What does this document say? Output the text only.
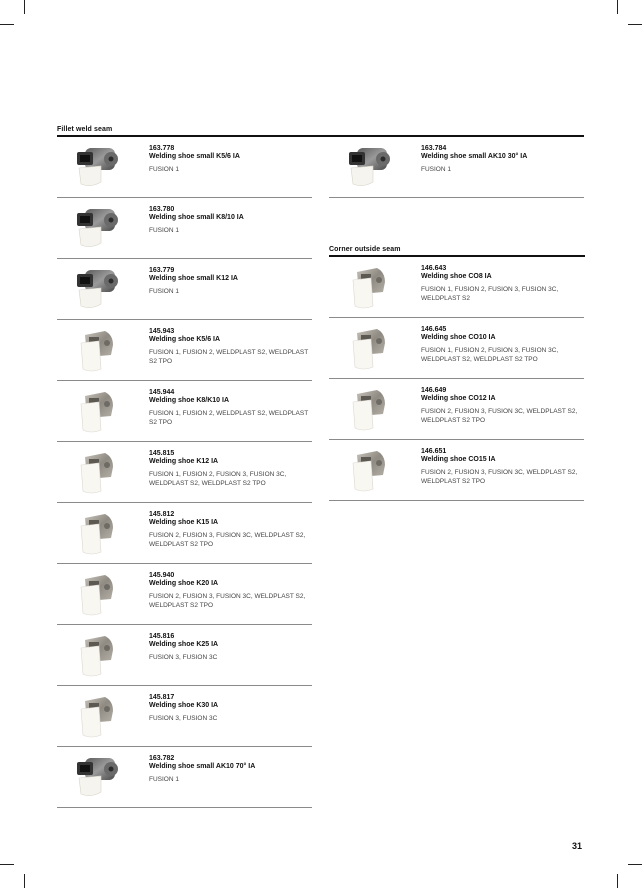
Fillet weld seam
Corner outside seam
163.778
Welding shoe small K5/6 IA
FUSION 1
163.780
Welding shoe small K8/10 IA
FUSION 1
163.779
Welding shoe small K12 IA
FUSION 1
145.943
Welding shoe K5/6 IA
FUSION 1, FUSION 2, WELDPLAST S2, WELDPLAST S2 TPO
145.944
Welding shoe K8/K10 IA
FUSION 1, FUSION 2, WELDPLAST S2, WELDPLAST S2 TPO
145.815
Welding shoe K12 IA
FUSION 1, FUSION 2, FUSION 3, FUSION 3C, WELDPLAST S2, WELDPLAST S2 TPO
145.812
Welding shoe K15 IA
FUSION 2, FUSION 3, FUSION 3C, WELDPLAST S2, WELDPLAST S2 TPO
145.940
Welding shoe K20 IA
FUSION 2, FUSION 3, FUSION 3C, WELDPLAST S2, WELDPLAST S2 TPO
145.816
Welding shoe K25 IA
FUSION 3, FUSION 3C
145.817
Welding shoe K30 IA
FUSION 3, FUSION 3C
163.782
Welding shoe small AK10 70° IA
FUSION 1
163.784
Welding shoe small AK10 30° IA
FUSION 1
146.643
Welding shoe CO8 IA
FUSION 1, FUSION 2, FUSION 3, FUSION 3C, WELDPLAST S2
146.645
Welding shoe CO10 IA
FUSION 1, FUSION 2, FUSION 3, FUSION 3C, WELDPLAST S2, WELDPLAST S2 TPO
146.649
Welding shoe CO12 IA
FUSION 2, FUSION 3, FUSION 3C, WELDPLAST S2, WELDPLAST S2 TPO
146.651
Welding shoe CO15 IA
FUSION 2, FUSION 3, FUSION 3C, WELDPLAST S2, WELDPLAST S2 TPO
31
